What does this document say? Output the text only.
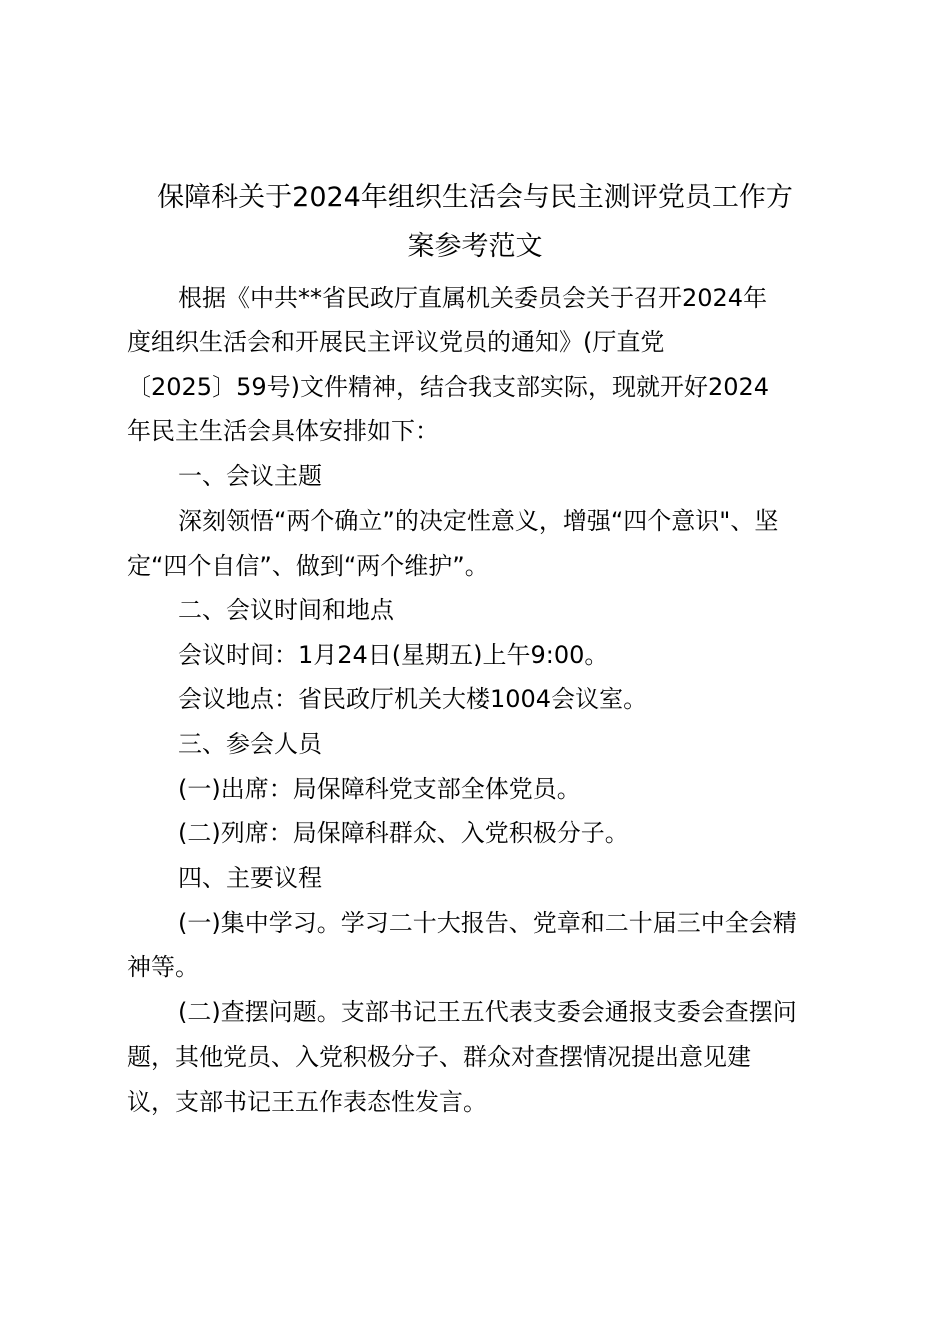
保障科关于2024年组织生活会与民主测评党员工作方
案参考范文
根据《中共**省民政厅直属机关委员会关于召开2024年
度组织生活会和开展民主评议党员的通知》(厅直党
〔2025〕59号)文件精神，结合我支部实际，现就开好2024
年民主生活会具体安排如下：
一、会议主题
深刻领悟“两个确立”的决定性意义，增强“四个意识"、坚
定“四个自信”、做到“两个维护”。
二、会议时间和地点
会议时间：1月24日(星期五)上午9:00。
会议地点：省民政厅机关大楼1004会议室。
三、参会人员
(一)出席：局保障科党支部全体党员。
(二)列席：局保障科群众、入党积极分子。
四、主要议程
(一)集中学习。学习二十大报告、党章和二十届三中全会精
神等。
(二)查摆问题。支部书记王五代表支委会通报支委会查摆问
题，其他党员、入党积极分子、群众对查摆情况提出意见建
议，支部书记王五作表态性发言。
